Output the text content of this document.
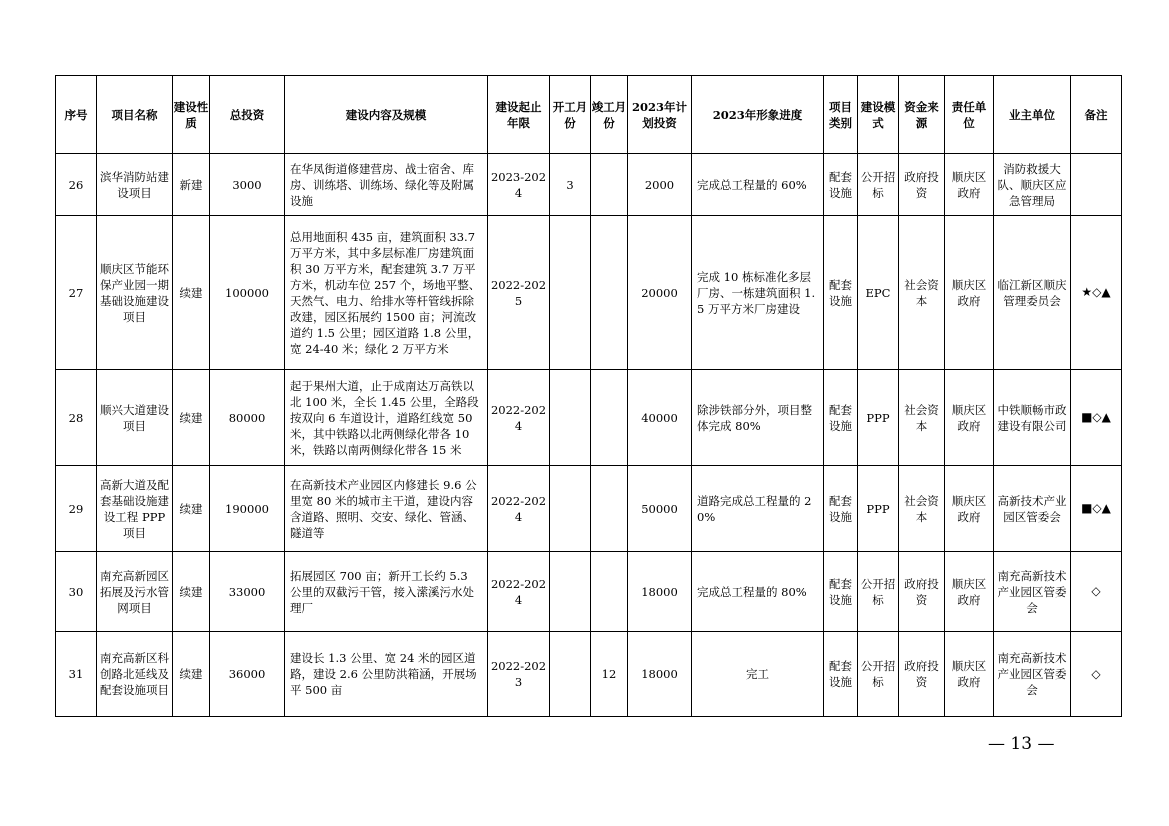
序号	项目名称	建设性质	总投资	建设内容及规模	建设起止年限	开工月份	竣工月份	2023年计划投资	2023年形象进度	项目类别	建设模式	资金来源	责任单位	业主单位	备注
26	滨华消防站建设项目	新建	3000	在华凤街道修建营房、战士宿舍、库房、训练塔、训练场、绿化等及附属设施	2023-2024	3		2000	完成总工程量的 60%	配套设施	公开招标	政府投资	顺庆区政府	消防救援大队、顺庆区应急管理局	
27	顺庆区节能环保产业园一期基础设施建设项目	续建	100000	总用地面积 435 亩，建筑面积 33.7 万平方米，其中多层标准厂房建筑面积 30 万平方米，配套建筑 3.7 万平方米，机动车位 257 个，场地平整、天然气、电力、给排水等杆管线拆除改建，园区拓展约 1500 亩；河流改道约 1.5 公里；园区道路 1.8 公里，宽 24-40 米；绿化 2 万平方米	2022-2025			20000	完成 10 栋标准化多层厂房、一栋建筑面积 1.5 万平方米厂房建设	配套设施	EPC	社会资本	顺庆区政府	临江新区顺庆管理委员会	★◇▲
28	顺兴大道建设项目	续建	80000	起于果州大道，止于成南达万高铁以北 100 米，全长 1.45 公里，全路段按双向 6 车道设计，道路红线宽 50 米，其中铁路以北两侧绿化带各 10 米，铁路以南两侧绿化带各 15 米	2022-2024			40000	除涉铁部分外，项目整体完成 80%	配套设施	PPP	社会资本	顺庆区政府	中铁顺畅市政建设有限公司	■◇▲
29	高新大道及配套基础设施建设工程 PPP 项目	续建	190000	在高新技术产业园区内修建长 9.6 公里宽 80 米的城市主干道，建设内容含道路、照明、交安、绿化、管涵、隧道等	2022-2024			50000	道路完成总工程量的 20%	配套设施	PPP	社会资本	顺庆区政府	高新技术产业园区管委会	■◇▲
30	南充高新园区拓展及污水管网项目	续建	33000	拓展园区 700 亩；新开工长约 5.3 公里的双截污干管，接入潆溪污水处理厂	2022-2024			18000	完成总工程量的 80%	配套设施	公开招标	政府投资	顺庆区政府	南充高新技术产业园区管委会	◇
31	南充高新区科创路北延线及配套设施项目	续建	36000	建设长 1.3 公里、宽 24 米的园区道路，建设 2.6 公里防洪箱涵，开展场平 500 亩	2022-2023		12	18000	完工	配套设施	公开招标	政府投资	顺庆区政府	南充高新技术产业园区管委会	◇
— 13 —
